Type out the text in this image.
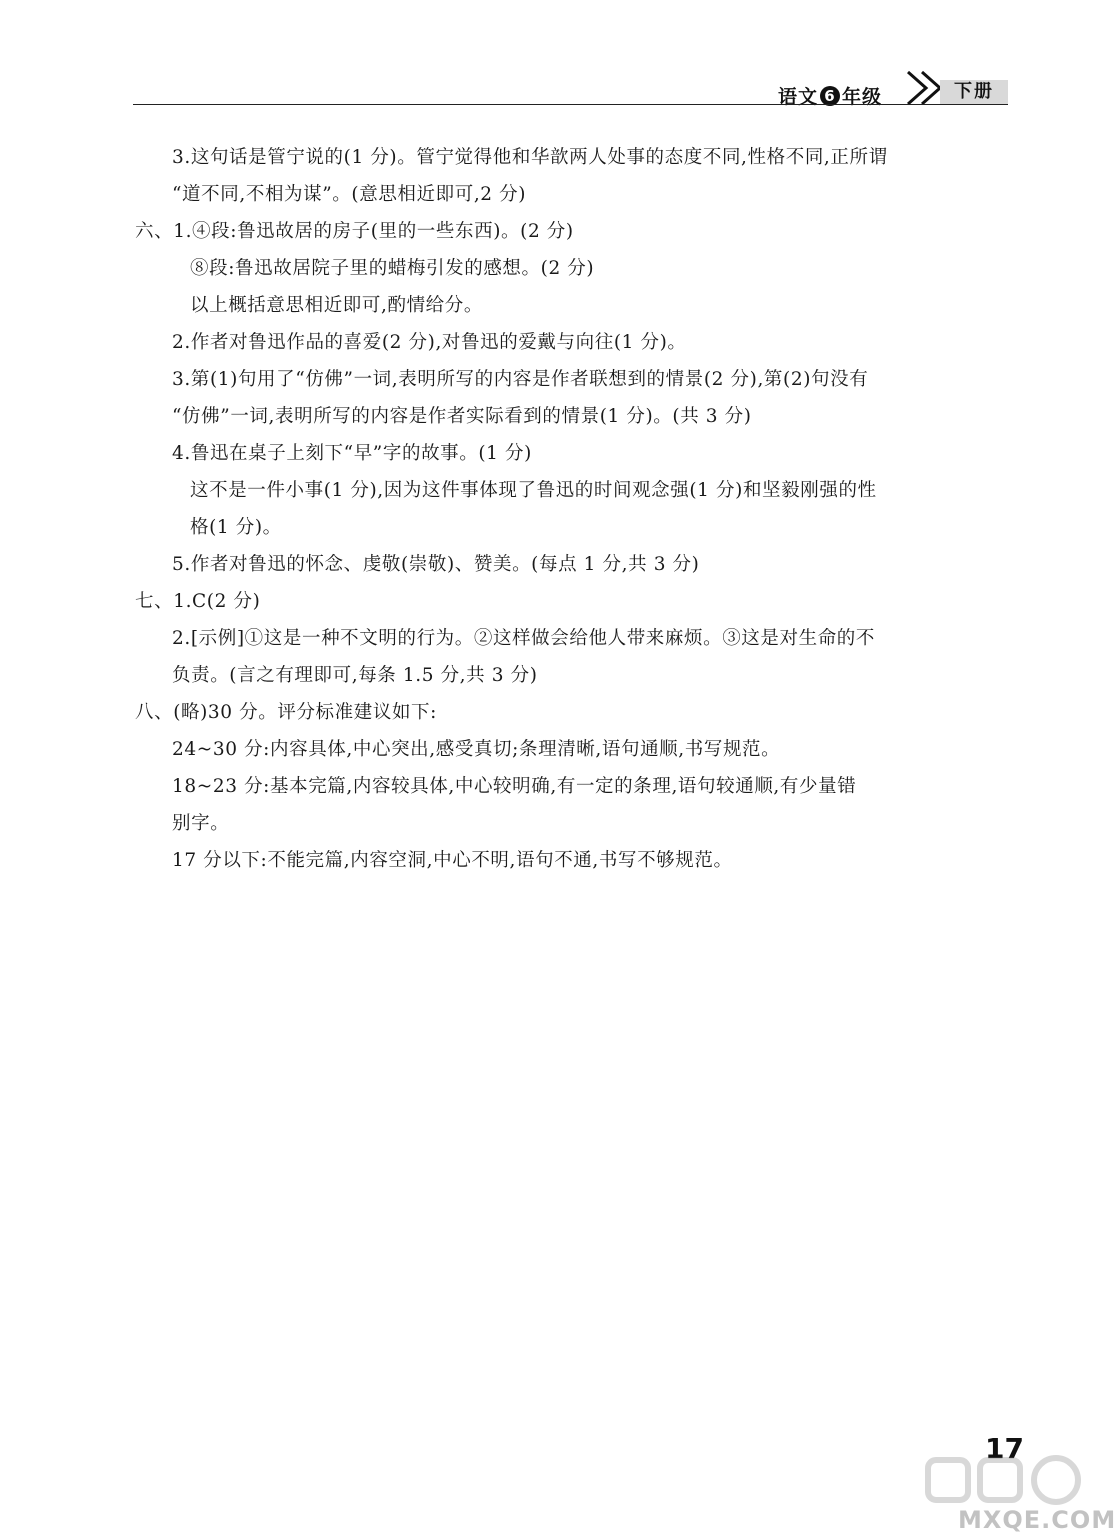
语文 6 年级	下册
3.这句话是管宁说的(1 分)。管宁觉得他和华歆两人处事的态度不同,性格不同,正所谓
“道不同,不相为谋”。(意思相近即可,2 分)
六、1.④段:鲁迅故居的房子(里的一些东西)。(2 分)
⑧段:鲁迅故居院子里的蜡梅引发的感想。(2 分)
以上概括意思相近即可,酌情给分。
2.作者对鲁迅作品的喜爱(2 分),对鲁迅的爱戴与向往(1 分)。
3.第(1)句用了“仿佛”一词,表明所写的内容是作者联想到的情景(2 分),第(2)句没有
“仿佛”一词,表明所写的内容是作者实际看到的情景(1 分)。(共 3 分)
4.鲁迅在桌子上刻下“早”字的故事。(1 分)
这不是一件小事(1 分),因为这件事体现了鲁迅的时间观念强(1 分)和坚毅刚强的性
格(1 分)。
5.作者对鲁迅的怀念、虔敬(崇敬)、赞美。(每点 1 分,共 3 分)
七、1.C(2 分)
2.[示例]①这是一种不文明的行为。②这样做会给他人带来麻烦。③这是对生命的不
负责。(言之有理即可,每条 1.5 分,共 3 分)
八、(略)30 分。评分标准建议如下:
24~30 分:内容具体,中心突出,感受真切;条理清晰,语句通顺,书写规范。
18~23 分:基本完篇,内容较具体,中心较明确,有一定的条理,语句较通顺,有少量错
别字。
17 分以下:不能完篇,内容空洞,中心不明,语句不通,书写不够规范。
17
MXQE.COM
